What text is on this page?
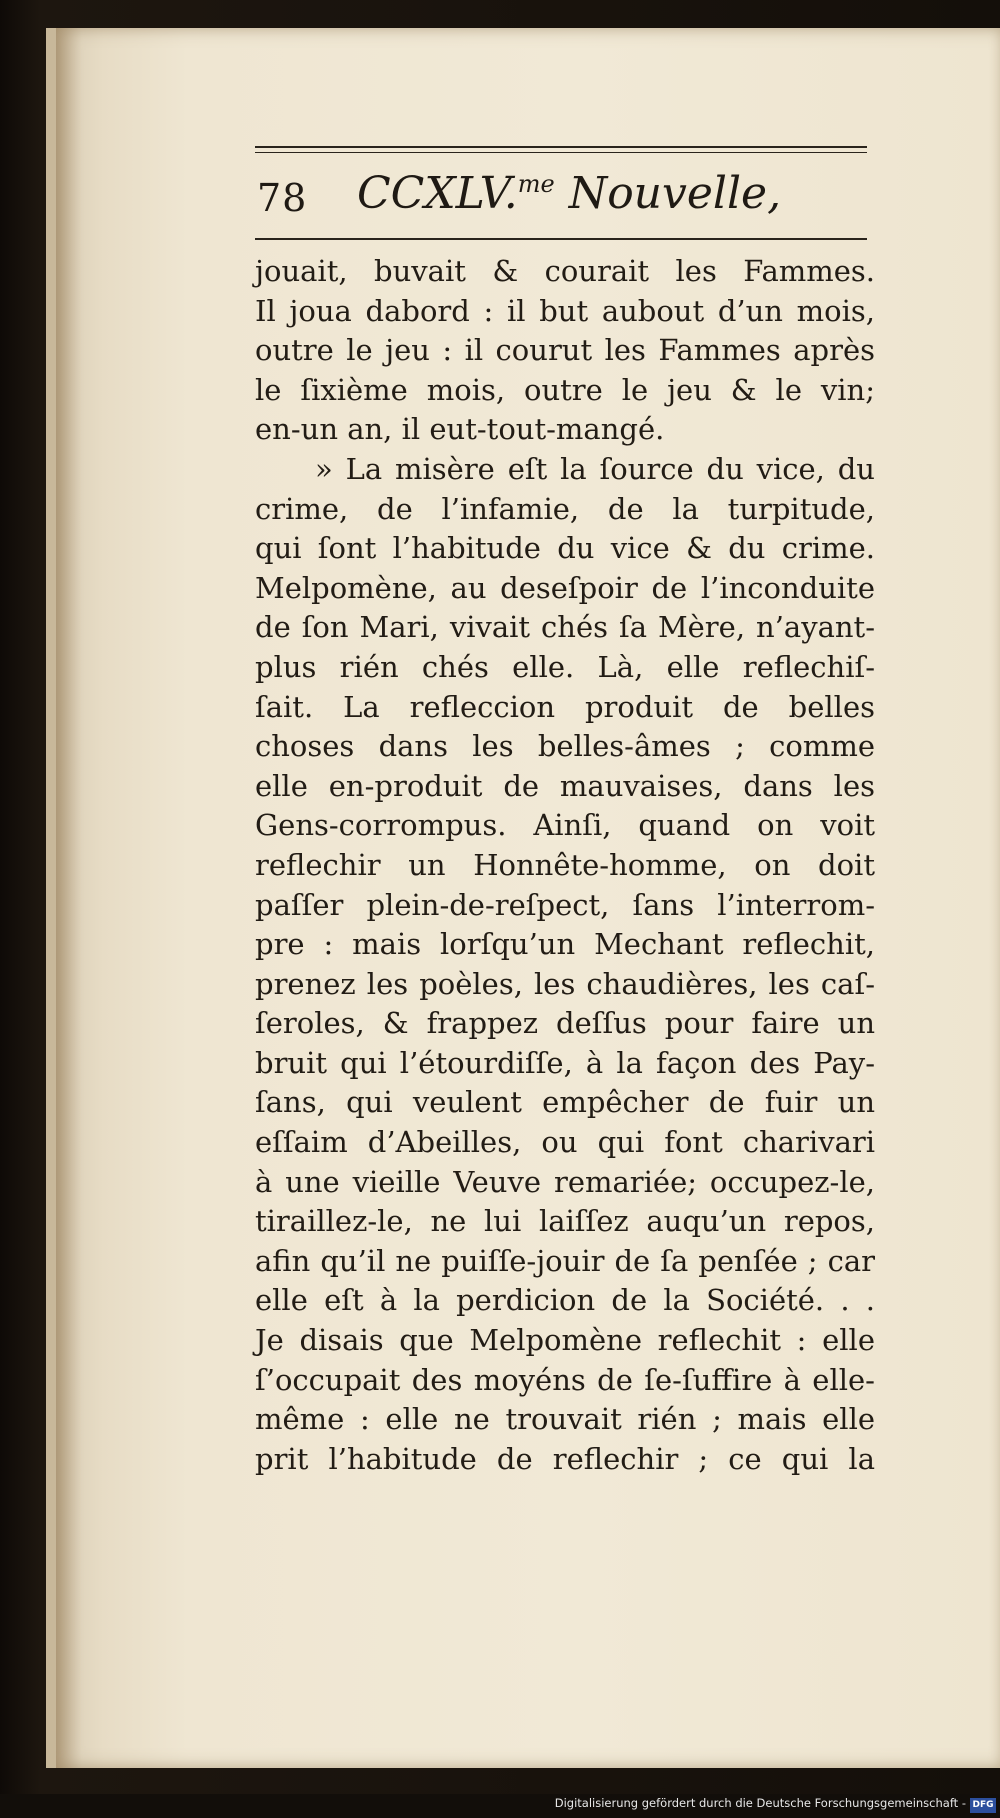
78 CCXLV.$^{me}$ Nouvelle,
jouait, buvait & courait les Fammes.
Il joua dabord : il but aubout d’un mois,
outre le jeu : il courut les Fammes après
le ſixième mois, outre le jeu & le vin;
en-un an, il eut-tout-mangé.
» La misère eſt la ſource du vice, du
crime, de l’infamie, de la turpitude,
qui ſont l’habitude du vice & du crime.
Melpomène, au deseſpoir de l’inconduite
de ſon Mari, vivait chés ſa Mère, n’ayant-
plus rién chés elle. Là, elle reflechiſ-
ſait. La refleccion produit de belles
choses dans les belles-âmes ; comme
elle en-produit de mauvaises, dans les
Gens-corrompus. Ainſi, quand on voit
reflechir un Honnête-homme, on doit
paſſer plein-de-reſpect, ſans l’interrom-
pre : mais lorſqu’un Mechant reflechit,
prenez les poèles, les chaudières, les caſ-
ſeroles, & frappez deſſus pour faire un
bruit qui l’étourdiſſe, à la façon des Pay-
ſans, qui veulent empêcher de fuir un
eſſaim d’Abeilles, ou qui font charivari
à une vieille Veuve remariée; occupez-le,
tiraillez-le, ne lui laiſſez auqu’un repos,
afin qu’il ne puiſſe-jouir de ſa penſée ; car
elle eſt à la perdicion de la Société. . .
Je disais que Melpomène reflechit : elle
ſ’occupait des moyéns de ſe-ſuffire à elle-
même : elle ne trouvait rién ; mais elle
prit l’habitude de reflechir ; ce qui la
Digitalisierung gefördert durch die Deutsche Forschungsgemeinschaft - DFG
